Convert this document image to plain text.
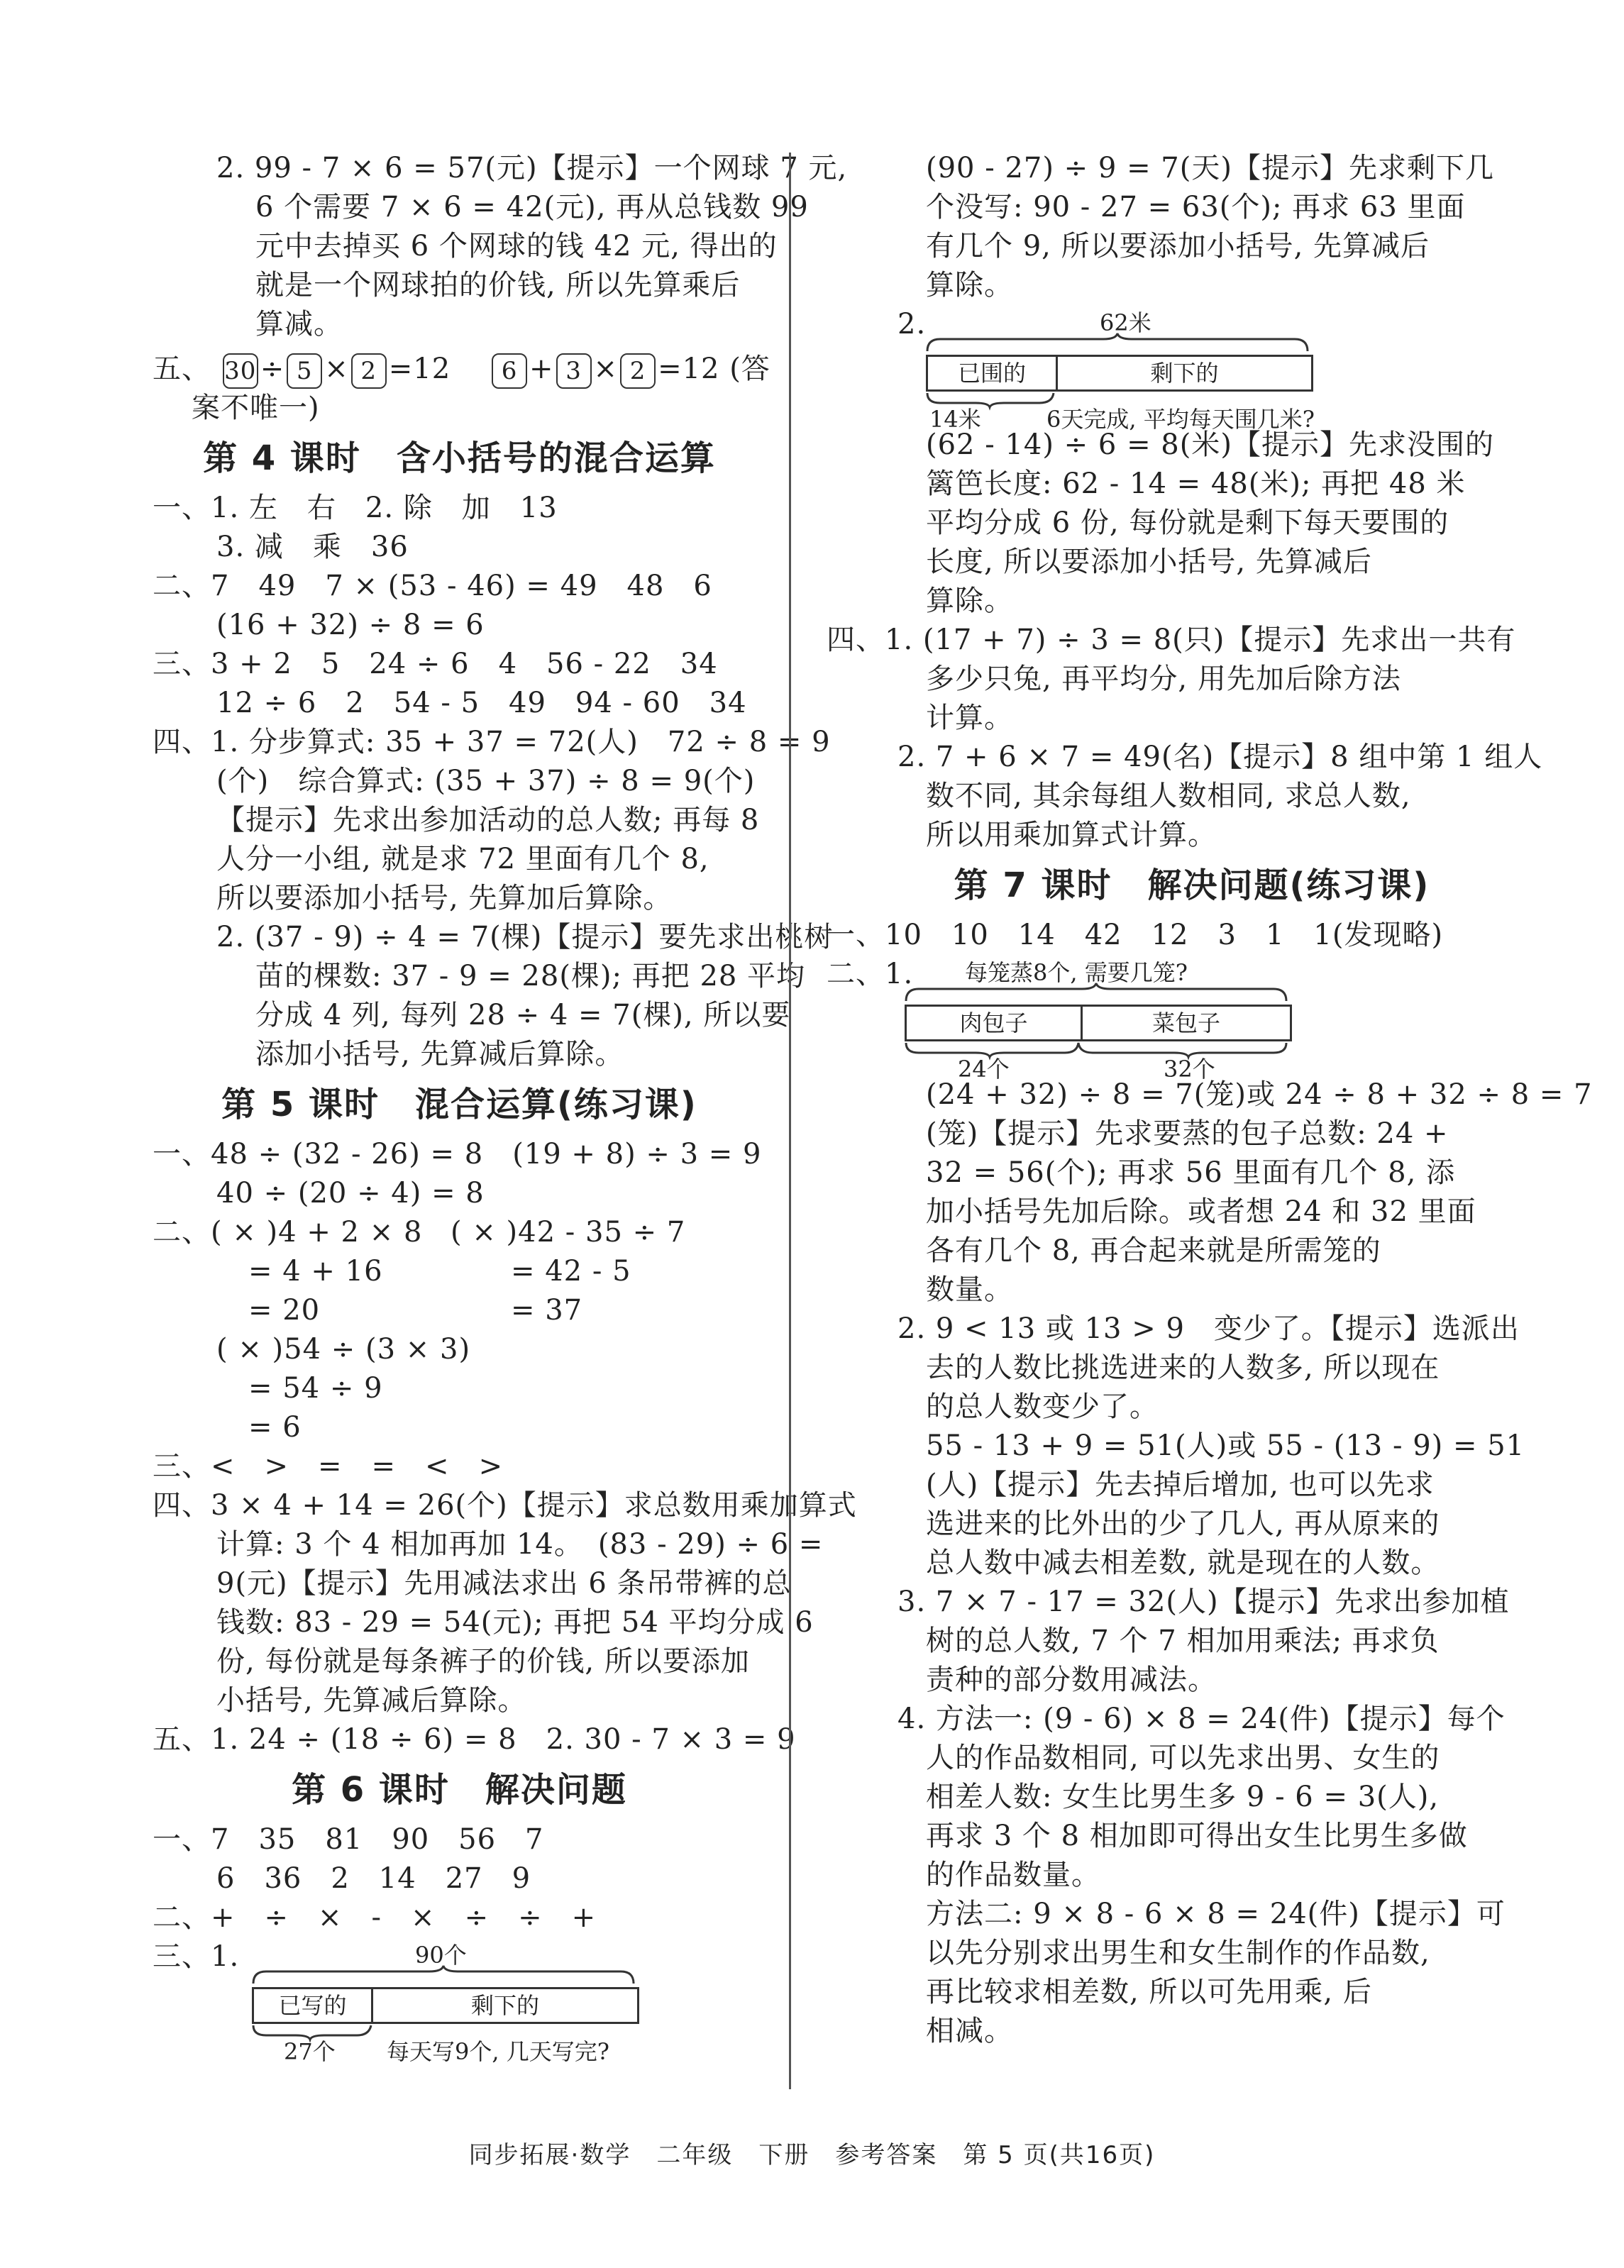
2. 99 - 7 × 6 = 57(元)【提示】一个网球 7 元,
6 个需要 7 × 6 = 42(元), 再从总钱数 99
元中去掉买 6 个网球的钱 42 元, 得出的
就是一个网球拍的价钱, 所以先算乘后
算减。
五、 30 ÷ 5 × 2 =12 6 + 3 × 2 =12 (答
案不唯一)
第 4 课时　含小括号的混合运算
一、1. 左　右　2. 除　加　13
3. 减　乘　36
二、7　49　7 × (53 - 46) = 49　48　6
(16 + 32) ÷ 8 = 6
三、3 + 2　5　24 ÷ 6　4　56 - 22　34
12 ÷ 6　2　54 - 5　49　94 - 60　34
四、1. 分步算式: 35 + 37 = 72(人)　72 ÷ 8 = 9
(个)　综合算式: (35 + 37) ÷ 8 = 9(个)
【提示】先求出参加活动的总人数; 再每 8
人分一小组, 就是求 72 里面有几个 8,
所以要添加小括号, 先算加后算除。
2. (37 - 9) ÷ 4 = 7(棵)【提示】要先求出桃树
苗的棵数: 37 - 9 = 28(棵); 再把 28 平均
分成 4 列, 每列 28 ÷ 4 = 7(棵), 所以要
添加小括号, 先算减后算除。
第 5 课时　混合运算(练习课)
一、48 ÷ (32 - 26) = 8　(19 + 8) ÷ 3 = 9
40 ÷ (20 ÷ 4) = 8
二、( × )4 + 2 × 8 ( × )42 - 35 ÷ 7
= 4 + 16	= 42 - 5
= 20	= 37
( × )54 ÷ (3 × 3)
= 54 ÷ 9
= 6
三、<　>　=　=　<　>
四、3 × 4 + 14 = 26(个)【提示】求总数用乘加算式
计算: 3 个 4 相加再加 14。　(83 - 29) ÷ 6 =
9(元)【提示】先用减法求出 6 条吊带裤的总
钱数: 83 - 29 = 54(元); 再把 54 平均分成 6
份, 每份就是每条裤子的价钱, 所以要添加
小括号, 先算减后算除。
五、1. 24 ÷ (18 ÷ 6) = 8　2. 30 - 7 × 3 = 9
第 6 课时　解决问题
一、7　35　81　90　56　7
6　36　2　14　27　9
二、+　÷　×　-　×　÷　÷　+
三、1.	90个
已写的	剩下的
27个 每天写9个, 几天写完?
(90 - 27) ÷ 9 = 7(天)【提示】先求剩下几
个没写: 90 - 27 = 63(个); 再求 63 里面
有几个 9, 所以要添加小括号, 先算减后
算除。
2.	62米
已围的	剩下的
14米	6天完成, 平均每天围几米?
(62 - 14) ÷ 6 = 8(米)【提示】先求没围的
篱笆长度: 62 - 14 = 48(米); 再把 48 米
平均分成 6 份, 每份就是剩下每天要围的
长度, 所以要添加小括号, 先算减后
算除。
四、1. (17 + 7) ÷ 3 = 8(只)【提示】先求出一共有
多少只兔, 再平均分, 用先加后除方法
计算。
2. 7 + 6 × 7 = 49(名)【提示】8 组中第 1 组人
数不同, 其余每组人数相同, 求总人数,
所以用乘加算式计算。
第 7 课时　解决问题(练习课)
一、10　10　14　42　12　3　1　1(发现略)
二、1.	每笼蒸8个, 需要几笼?
肉包子	菜包子
24个	32个
(24 + 32) ÷ 8 = 7(笼)或 24 ÷ 8 + 32 ÷ 8 = 7
(笼)【提示】先求要蒸的包子总数: 24 +
32 = 56(个); 再求 56 里面有几个 8, 添
加小括号先加后除。或者想 24 和 32 里面
各有几个 8, 再合起来就是所需笼的
数量。
2. 9 < 13 或 13 > 9　变少了。【提示】选派出
去的人数比挑选进来的人数多, 所以现在
的总人数变少了。
55 - 13 + 9 = 51(人)或 55 - (13 - 9) = 51
(人)【提示】先去掉后增加, 也可以先求
选进来的比外出的少了几人, 再从原来的
总人数中减去相差数, 就是现在的人数。
3. 7 × 7 - 17 = 32(人)【提示】先求出参加植
树的总人数, 7 个 7 相加用乘法; 再求负
责种的部分数用减法。
4. 方法一: (9 - 6) × 8 = 24(件)【提示】每个
人的作品数相同, 可以先求出男、女生的
相差人数: 女生比男生多 9 - 6 = 3(人),
再求 3 个 8 相加即可得出女生比男生多做
的作品数量。
方法二: 9 × 8 - 6 × 8 = 24(件)【提示】可
以先分别求出男生和女生制作的作品数,
再比较求相差数, 所以可先用乘, 后
相减。
同步拓展·数学　二年级　下册　参考答案　第 5 页(共16页)
